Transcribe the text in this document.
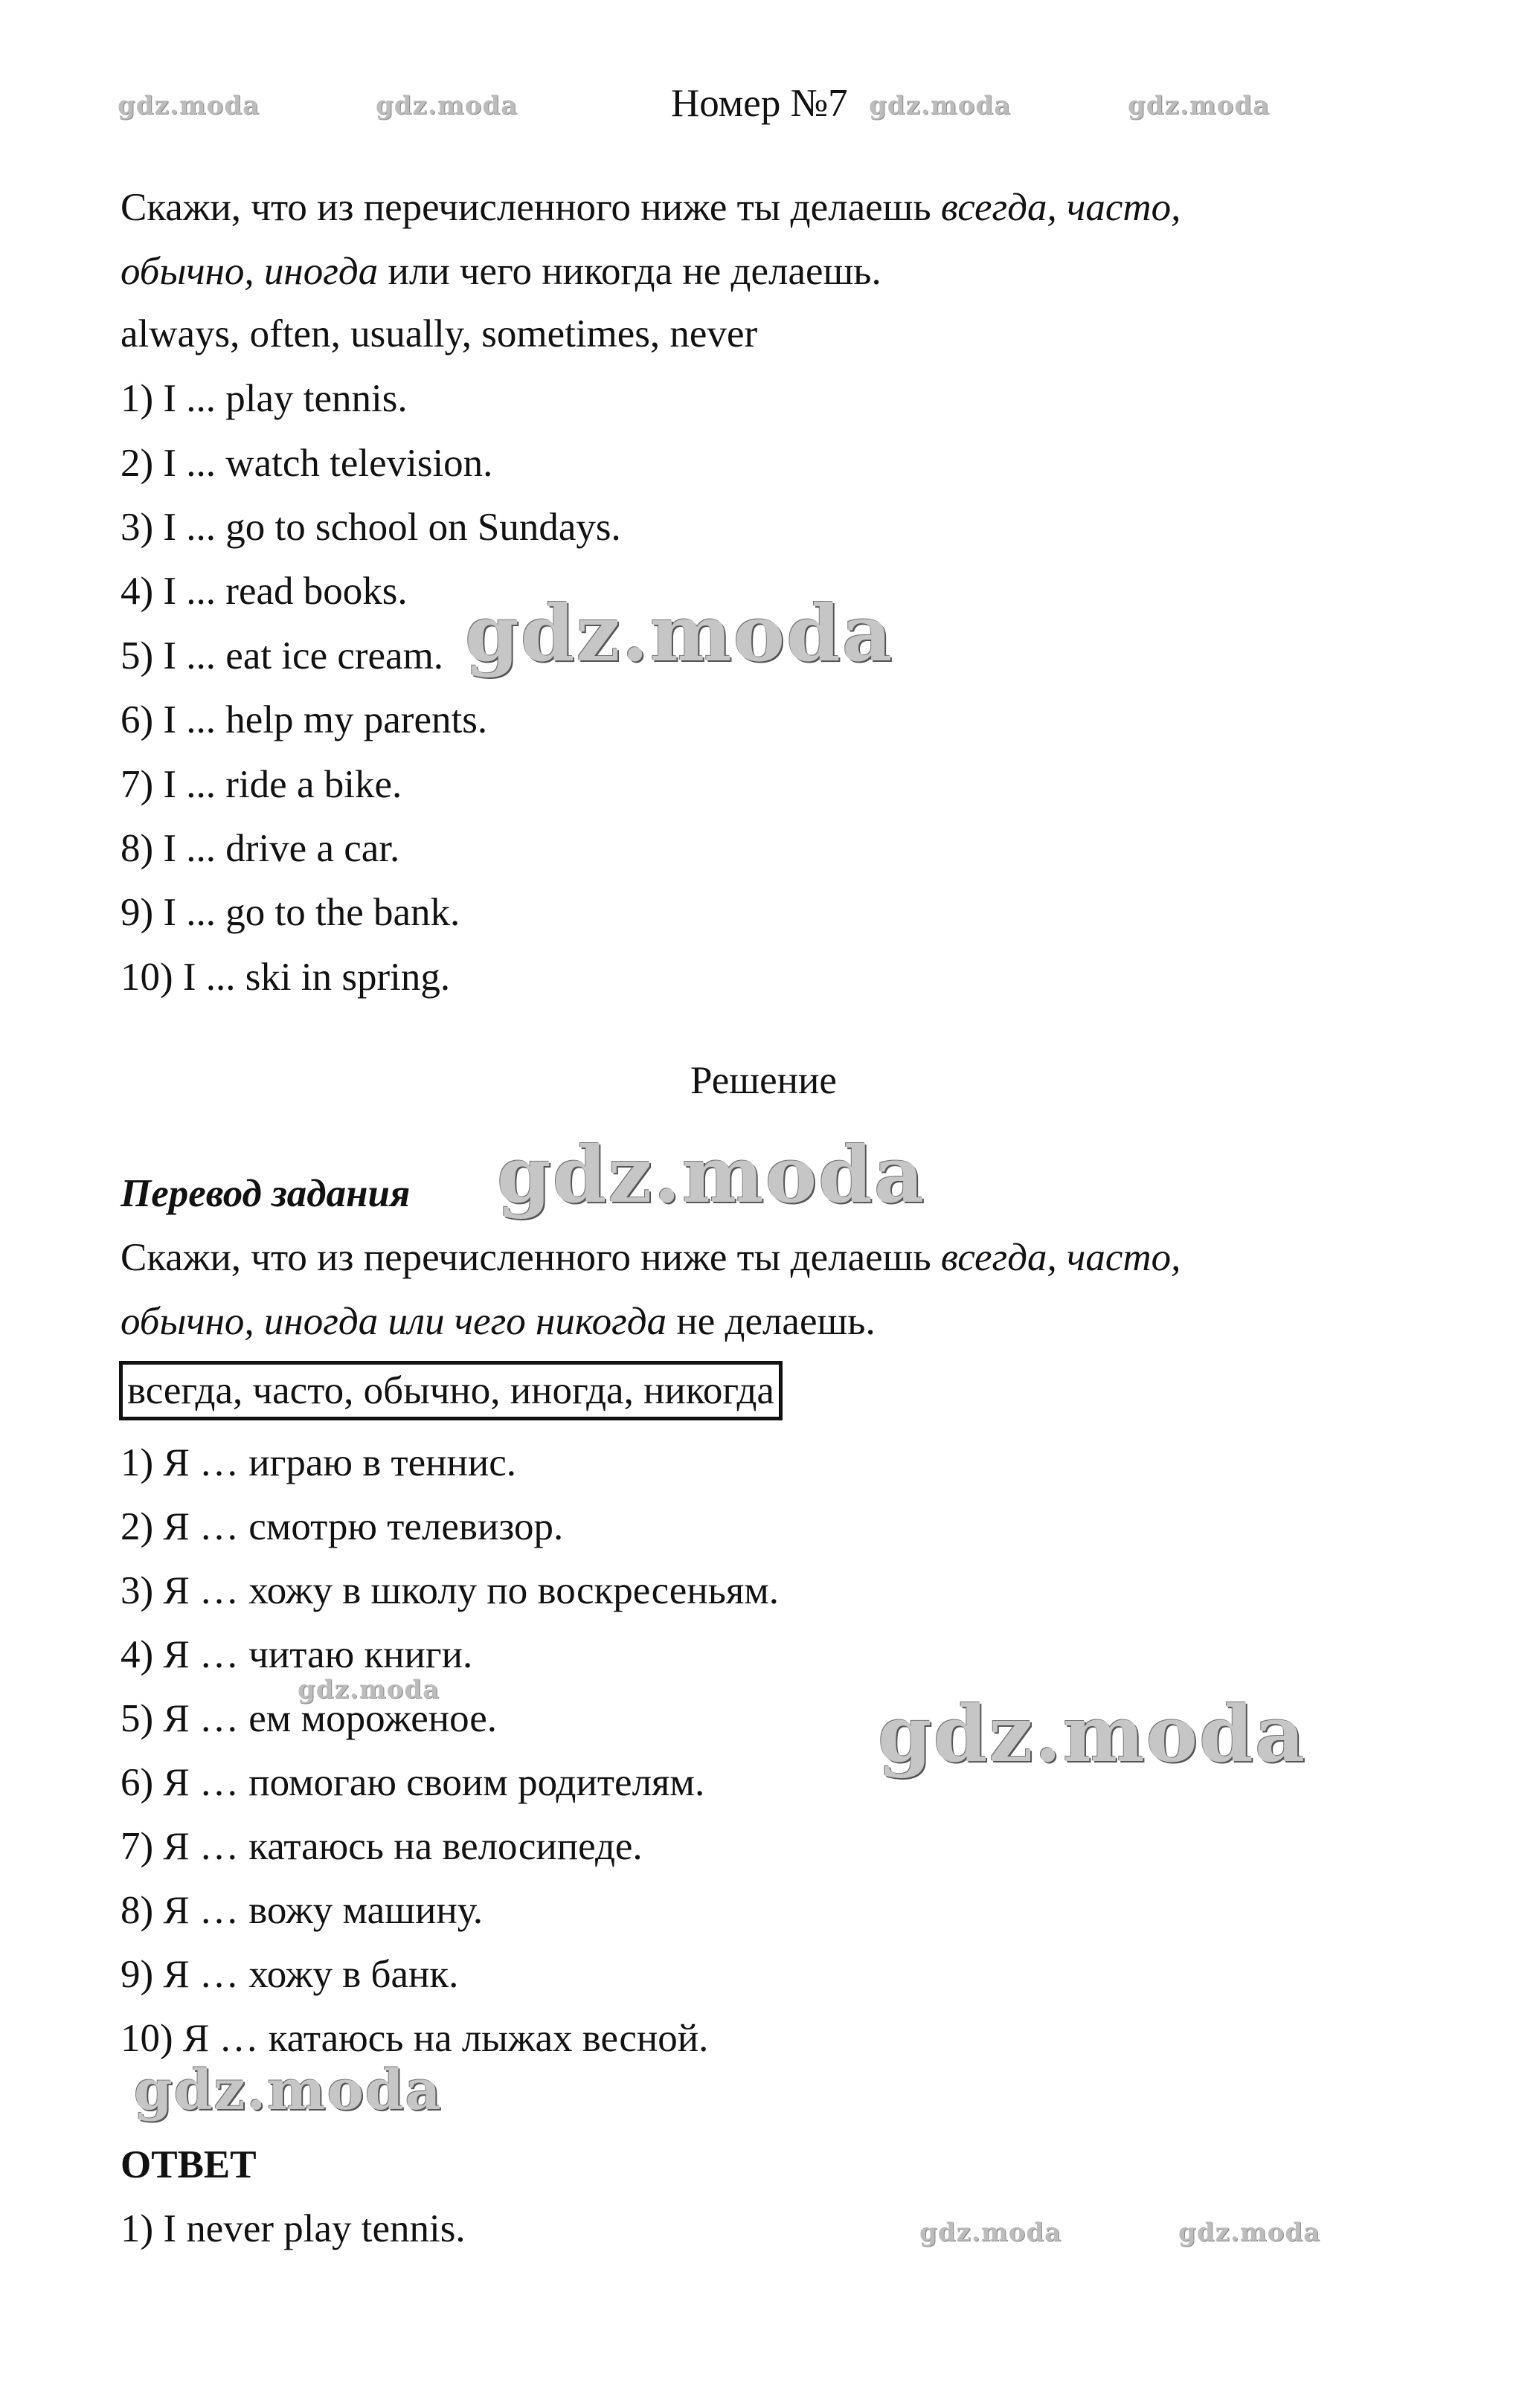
gdz.moda	gdz.moda	Номер №7 gdz.moda	gdz.moda
Скажи, что из перечисленного ниже ты делаешь всегда, часто,
обычно, иногда или чего никогда не делаешь.
always, often, usually, sometimes, never
1) I ... play tennis.
2) I ... watch television.
3) I ... go to school on Sundays.
4) I ... read books.
5) I ... eat ice cream.
6) I ... help my parents.
7) I ... ride a bike.
8) I ... drive a car.
9) I ... go to the bank.
10) I ... ski in spring.
gdz.moda
Решение
Перевод задания gdz.moda
Скажи, что из перечисленного ниже ты делаешь всегда, часто,
обычно, иногда или чего никогда не делаешь.
всегда, часто, обычно, иногда, никогда
1) Я … играю в теннис.
2) Я … смотрю телевизор.
3) Я … хожу в школу по воскресеньям.
4) Я … читаю книги.
gdz.moda
5) Я … ем мороженое.	gdz.moda
6) Я … помогаю своим родителям.
7) Я … катаюсь на велосипеде.
8) Я … вожу машину.
9) Я … хожу в банк.
10) Я … катаюсь на лыжах весной.
gdz.moda
ОТВЕТ
1) I never play tennis.	gdz.moda	gdz.moda
